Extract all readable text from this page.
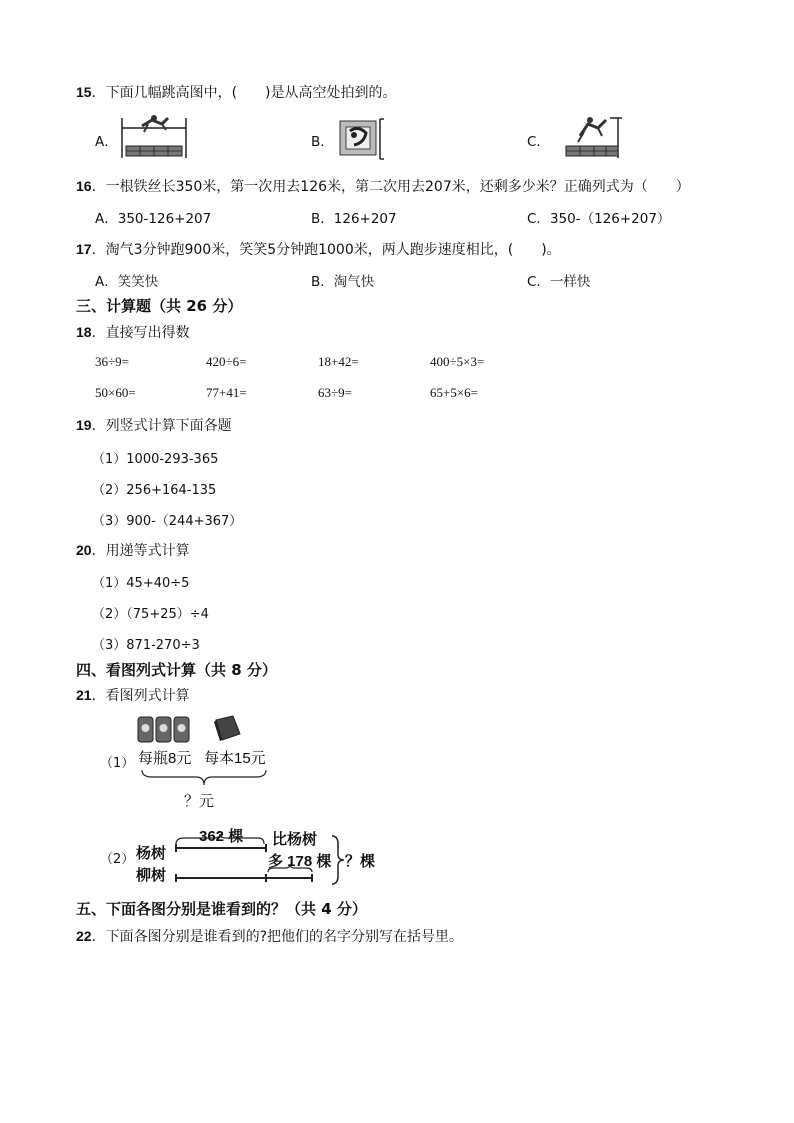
15．下面几幅跳高图中，(　　)是从高空处拍到的。
A．	B．	C．
16．一根铁丝长350米，第一次用去126米，第二次用去207米，还剩多少米？正确列式为（　　）
A．350-126+207	B．126+207	C．350-（126+207）
17．淘气3分钟跑900米，笑笑5分钟跑1000米，两人跑步速度相比，(　　)。
A．笑笑快	B．淘气快	C．一样快
三、计算题（共 26 分）
18．直接写出得数
36÷9=	420÷6=	18+42=	400÷5×3=
50×60=	77+41=	63÷9=	65+5×6=
19．列竖式计算下面各题
（1）1000-293-365
（2）256+164-135
（3）900-（244+367）
20．用递等式计算
（1）45+40÷5
（2）（75+25）÷4
（3）871-270÷3
四、看图列式计算（共 8 分）
21．看图列式计算
（1） 每瓶8元 每本15元
？元
（2） 杨树
柳树
362 棵 比杨树
多 178 棵 ？棵
五、下面各图分别是谁看到的？（共 4 分）
22．下面各图分别是谁看到的?把他们的名字分别写在括号里。
